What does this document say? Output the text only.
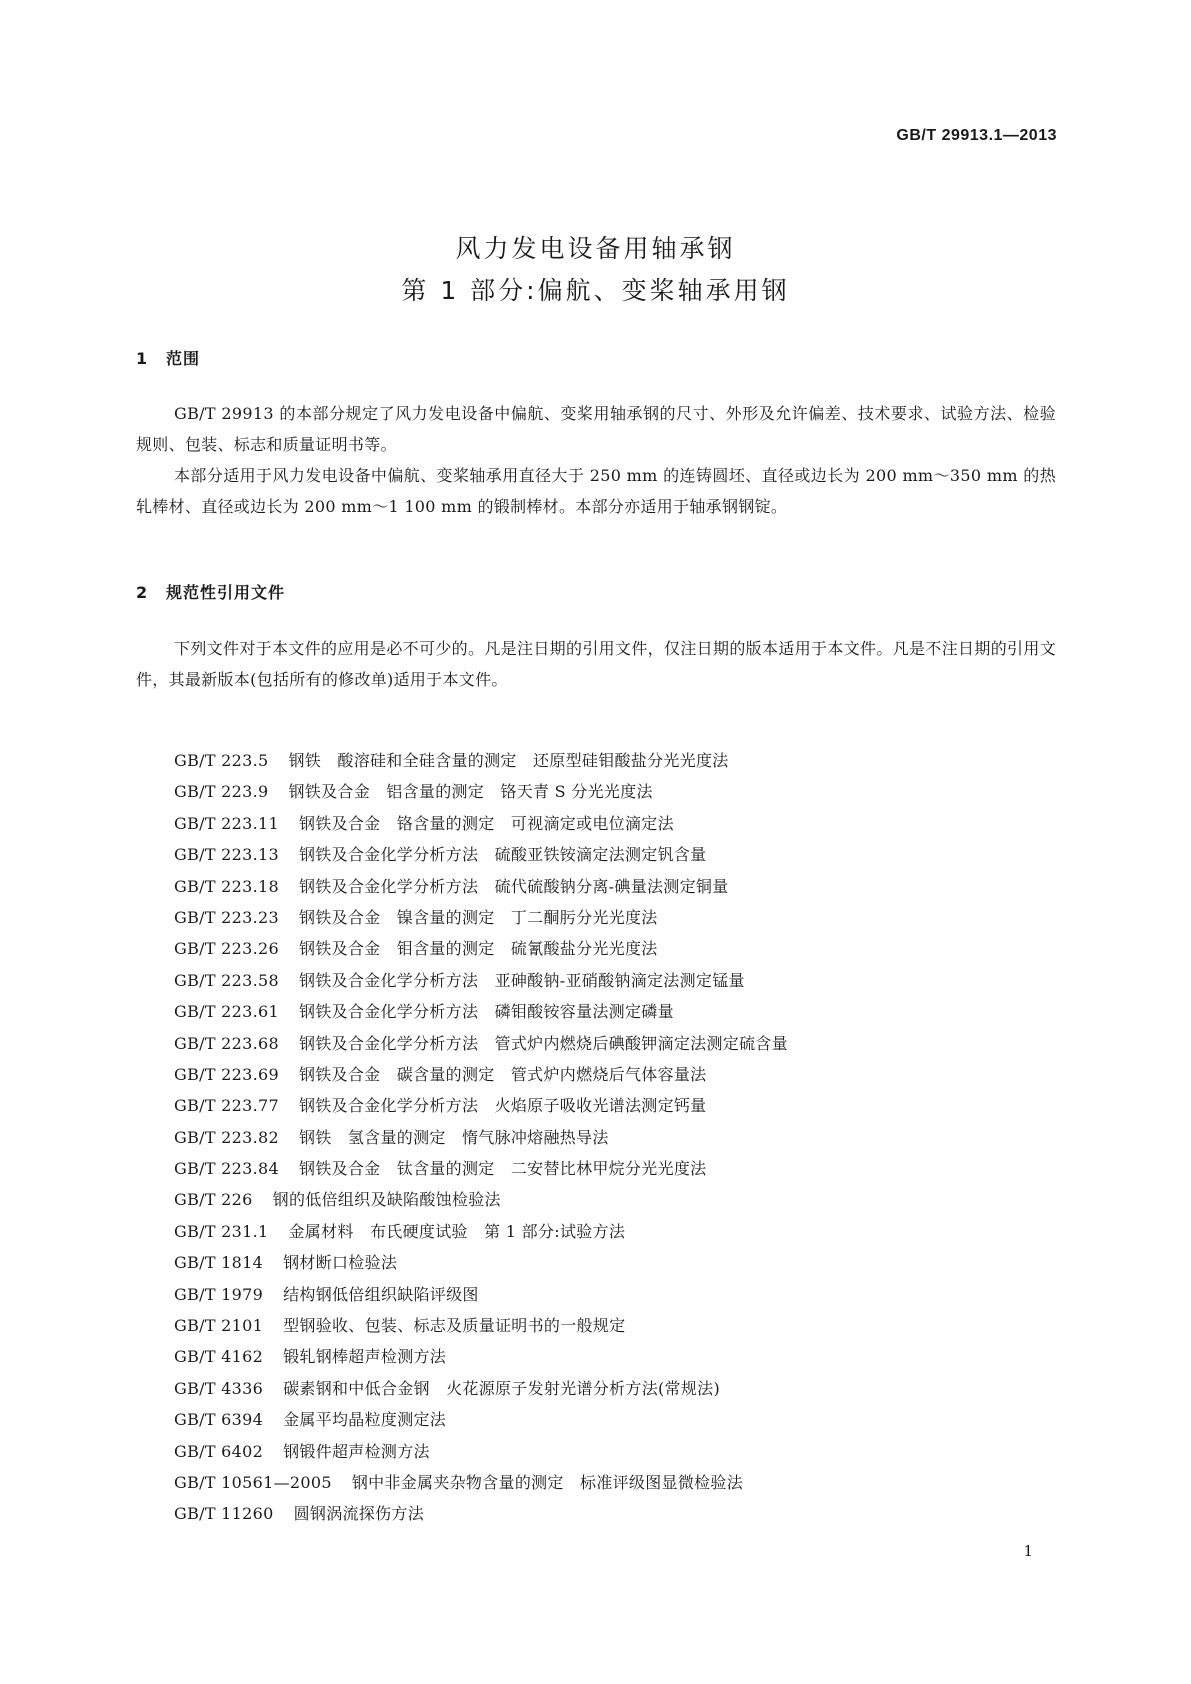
GB/T 29913.1—2013
风力发电设备用轴承钢
第 1 部分:偏航、变桨轴承用钢
1 范围

GB/T 29913 的本部分规定了风力发电设备中偏航、变桨用轴承钢的尺寸、外形及允许偏差、技术要求、试验方法、检验规则、包装、标志和质量证明书等。

本部分适用于风力发电设备中偏航、变桨轴承用直径大于 250 mm 的连铸圆坯、直径或边长为 200 mm～350 mm 的热轧棒材、直径或边长为 200 mm～1 100 mm 的锻制棒材。本部分亦适用于轴承钢钢锭。

2 规范性引用文件

下列文件对于本文件的应用是必不可少的。凡是注日期的引用文件，仅注日期的版本适用于本文件。凡是不注日期的引用文件，其最新版本(包括所有的修改单)适用于本文件。

GB/T 223.5 钢铁　酸溶硅和全硅含量的测定　还原型硅钼酸盐分光光度法
GB/T 223.9 钢铁及合金　铝含量的测定　铬天青 S 分光光度法
GB/T 223.11 钢铁及合金　铬含量的测定　可视滴定或电位滴定法
GB/T 223.13 钢铁及合金化学分析方法　硫酸亚铁铵滴定法测定钒含量
GB/T 223.18 钢铁及合金化学分析方法　硫代硫酸钠分离-碘量法测定铜量
GB/T 223.23 钢铁及合金　镍含量的测定　丁二酮肟分光光度法
GB/T 223.26 钢铁及合金　钼含量的测定　硫氰酸盐分光光度法
GB/T 223.58 钢铁及合金化学分析方法　亚砷酸钠-亚硝酸钠滴定法测定锰量
GB/T 223.61 钢铁及合金化学分析方法　磷钼酸铵容量法测定磷量
GB/T 223.68 钢铁及合金化学分析方法　管式炉内燃烧后碘酸钾滴定法测定硫含量
GB/T 223.69 钢铁及合金　碳含量的测定　管式炉内燃烧后气体容量法
GB/T 223.77 钢铁及合金化学分析方法　火焰原子吸收光谱法测定钙量
GB/T 223.82 钢铁　氢含量的测定　惰气脉冲熔融热导法
GB/T 223.84 钢铁及合金　钛含量的测定　二安替比林甲烷分光光度法
GB/T 226 钢的低倍组织及缺陷酸蚀检验法
GB/T 231.1 金属材料　布氏硬度试验　第 1 部分:试验方法
GB/T 1814 钢材断口检验法
GB/T 1979 结构钢低倍组织缺陷评级图
GB/T 2101 型钢验收、包装、标志及质量证明书的一般规定
GB/T 4162 锻轧钢棒超声检测方法
GB/T 4336 碳素钢和中低合金钢　火花源原子发射光谱分析方法(常规法)
GB/T 6394 金属平均晶粒度测定法
GB/T 6402 钢锻件超声检测方法
GB/T 10561—2005 钢中非金属夹杂物含量的测定　标准评级图显微检验法
GB/T 11260 圆钢涡流探伤方法
1
